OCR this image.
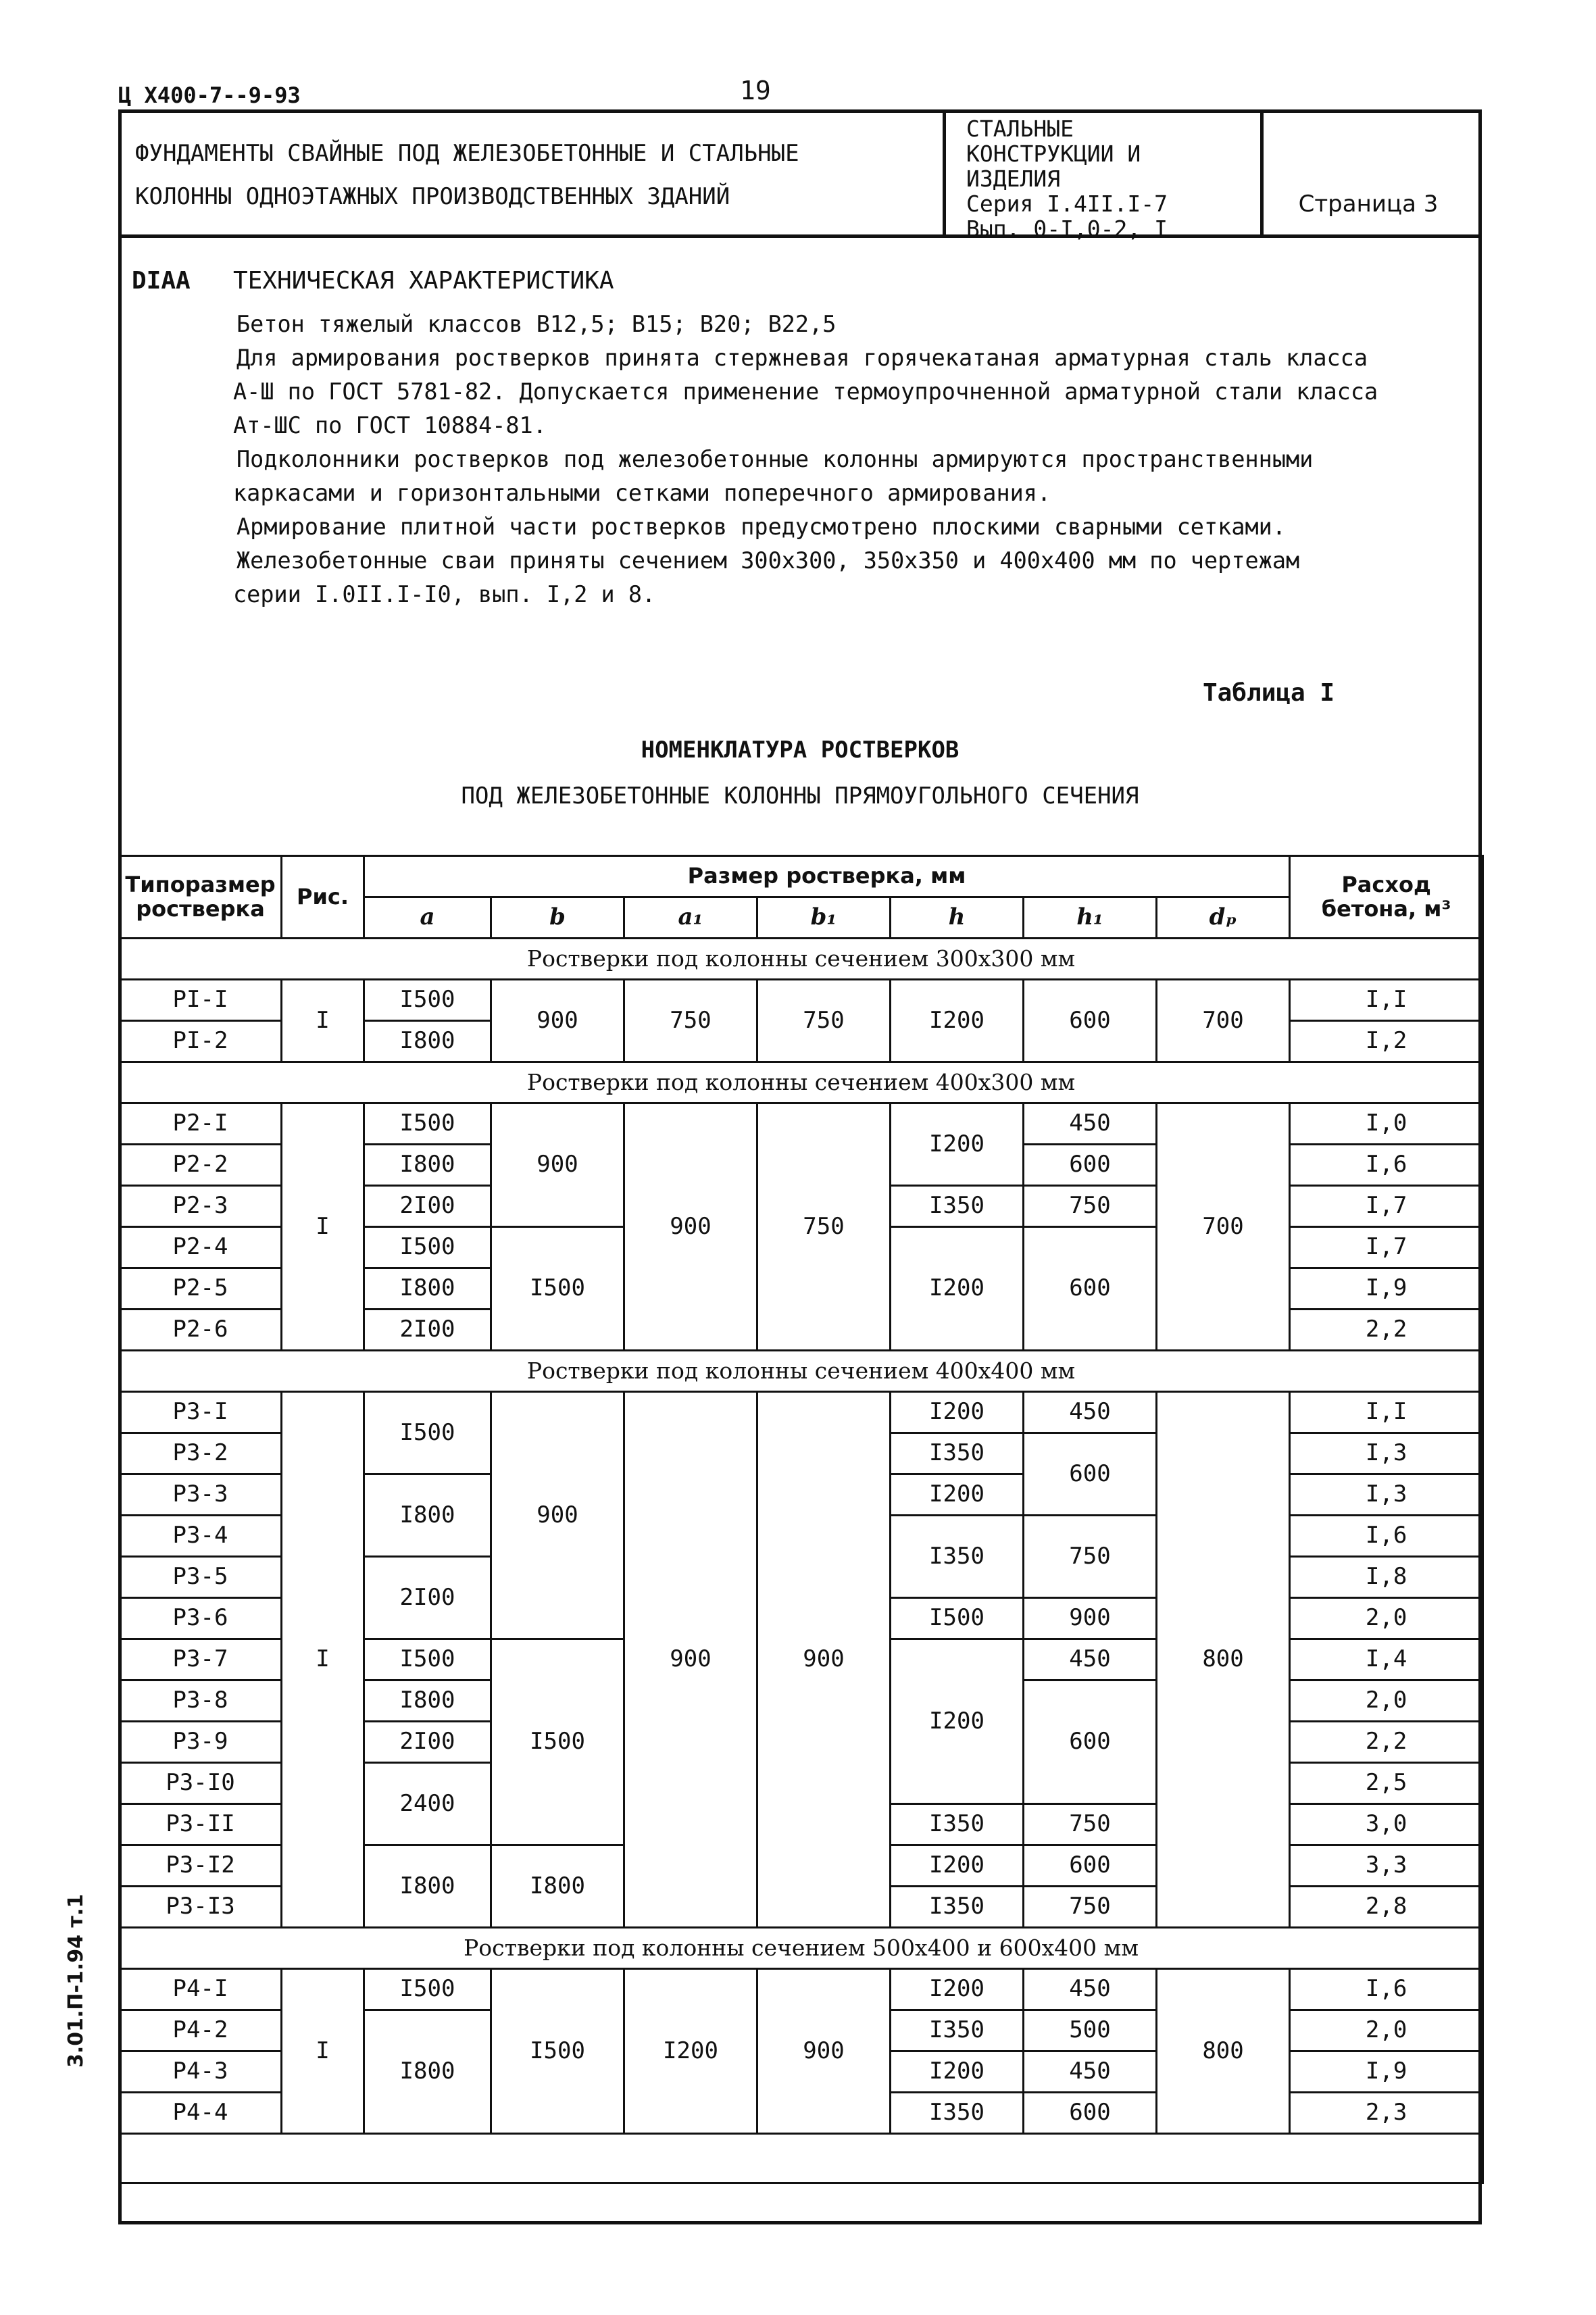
Ц Х400-7--9-93	19
ФУНДАМЕНТЫ СВАЙНЫЕ ПОД ЖЕЛЕЗОБЕТОННЫЕ И СТАЛЬНЫЕ
КОЛОННЫ ОДНОЭТАЖНЫХ ПРОИЗВОДСТВЕННЫХ ЗДАНИЙ
СТАЛЬНЫЕ
КОНСТРУКЦИИ И
ИЗДЕЛИЯ
Серия I.4II.I-7
Вып. 0-I,0-2, I
Страница 3
DIAA ТЕХНИЧЕСКАЯ ХАРАКТЕРИСТИКА

Бетон тяжелый классов В12,5; В15; В20; В22,5

Для армирования ростверков принята стержневая горячекатаная арматурная сталь класса

А-Ш по ГОСТ 5781-82. Допускается применение термоупрочненной арматурной стали класса

Ат-ШС по ГОСТ 10884-81.

Подколонники ростверков под железобетонные колонны армируются пространственными

каркасами и горизонтальными сетками поперечного армирования.

Армирование плитной части ростверков предусмотрено плоскими сварными сетками.

Железобетонные сваи приняты сечением 300х300, 350х350 и 400х400 мм по чертежам

серии I.0II.I-I0, вып. I,2 и 8.

Таблица I
НОМЕНКЛАТУРА РОСТВЕРКОВ
ПОД ЖЕЛЕЗОБЕТОННЫЕ КОЛОННЫ ПРЯМОУГОЛЬНОГО СЕЧЕНИЯ
Типоразмер ростверка	Рис.	Размер ростверка, мм							Расход бетона, м³
		a	b	a₁	b₁	h	h₁	dₚ	
Ростверки под колонны сечением 300х300 мм									
PI-I	I	I500	900	750	750	I200	600	700	I,I
PI-2		I800							I,2
Ростверки под колонны сечением 400х300 мм									
P2-I	I	I500	900	900	750	I200	450	700	I,0
P2-2		I800					600		I,6
P2-3		2I00				I350	750		I,7
P2-4		I500	I500			I200	600		I,7
P2-5		I800							I,9
P2-6		2I00							2,2
Ростверки под колонны сечением 400х400 мм									
P3-I	I	I500	900	900	900	I200	450	800	I,I
P3-2						I350	600		I,3
P3-3		I800				I200			I,3
P3-4						I350	750		I,6
P3-5		2I00							I,8
P3-6						I500	900		2,0
P3-7		I500	I500			I200	450		I,4
P3-8		I800					600		2,0
P3-9		2I00							2,2
P3-I0		2400							2,5
P3-II						I350	750		3,0
P3-I2		I800	I800			I200	600		3,3
P3-I3						I350	750		2,8
Ростверки под колонны сечением 500х400 и 600х400 мм									
P4-I	I	I500	I500	I200	900	I200	450	800	I,6
P4-2		I800				I350	500		2,0
P4-3						I200	450		I,9
P4-4						I350	600		2,3

3.01.П-1.94 т.1
